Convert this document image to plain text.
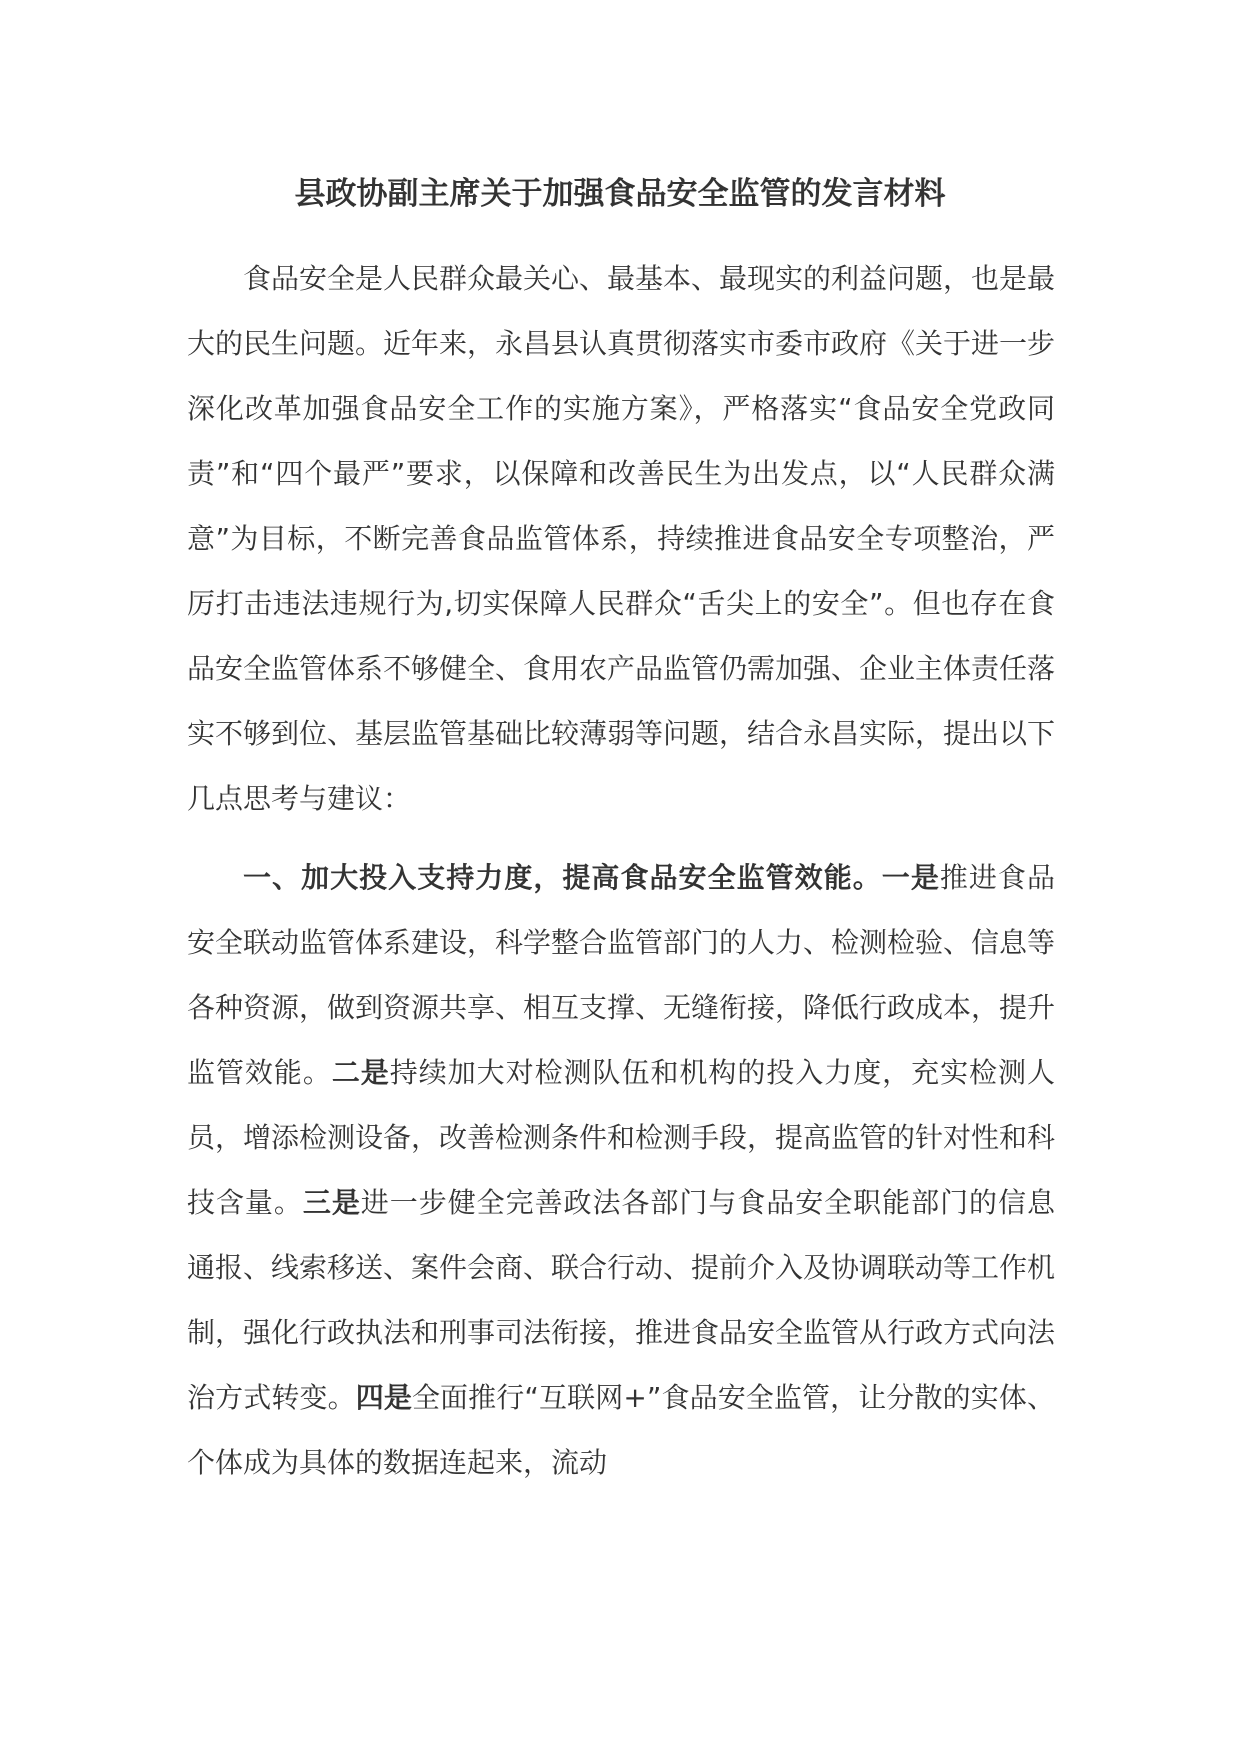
县政协副主席关于加强食品安全监管的发言材料

食品安全是人民群众最关心、最基本、最现实的利益问题，也是最大的民生问题。近年来，永昌县认真贯彻落实市委市政府《关于进一步深化改革加强食品安全工作的实施方案》，严格落实“食品安全党政同责”和“四个最严”要求，以保障和改善民生为出发点，以“人民群众满意”为目标，不断完善食品监管体系，持续推进食品安全专项整治，严厉打击违法违规行为,切实保障人民群众“舌尖上的安全”。但也存在食品安全监管体系不够健全、食用农产品监管仍需加强、企业主体责任落实不够到位、基层监管基础比较薄弱等问题，结合永昌实际，提出以下几点思考与建议：

一、加大投入支持力度，提高食品安全监管效能。一是推进食品安全联动监管体系建设，科学整合监管部门的人力、检测检验、信息等各种资源，做到资源共享、相互支撑、无缝衔接，降低行政成本，提升监管效能。二是持续加大对检测队伍和机构的投入力度，充实检测人员，增添检测设备，改善检测条件和检测手段，提高监管的针对性和科技含量。三是进一步健全完善政法各部门与食品安全职能部门的信息通报、线索移送、案件会商、联合行动、提前介入及协调联动等工作机制，强化行政执法和刑事司法衔接，推进食品安全监管从行政方式向法治方式转变。四是全面推行“互联网+”食品安全监管，让分散的实体、个体成为具体的数据连起来，流动
